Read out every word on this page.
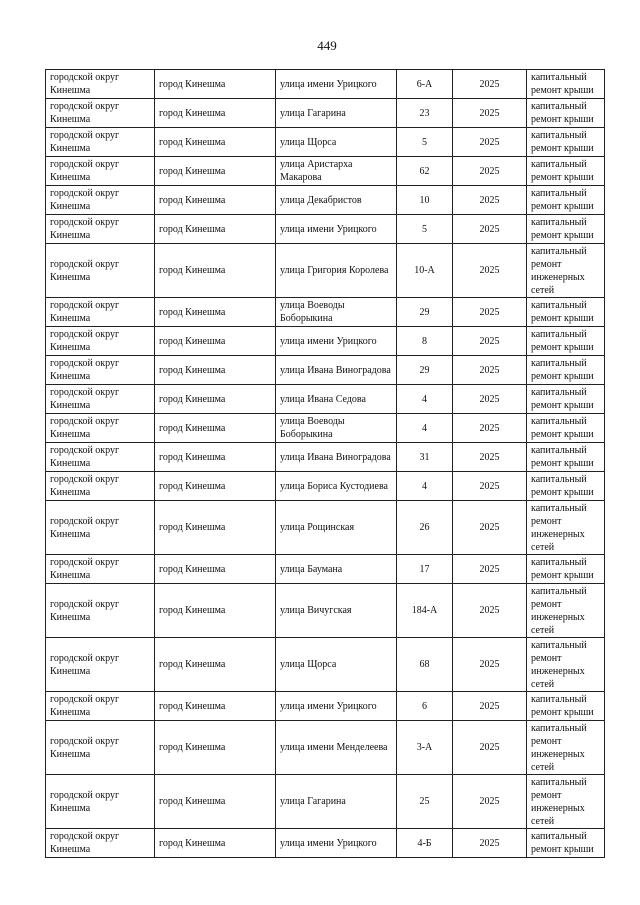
449
городской округ Кинешма	город Кинешма	улица имени Урицкого	6-А	2025	капитальный ремонт крыши
городской округ Кинешма	город Кинешма	улица Гагарина	23	2025	капитальный ремонт крыши
городской округ Кинешма	город Кинешма	улица Щорса	5	2025	капитальный ремонт крыши
городской округ Кинешма	город Кинешма	улица Аристарха Макарова	62	2025	капитальный ремонт крыши
городской округ Кинешма	город Кинешма	улица Декабристов	10	2025	капитальный ремонт крыши
городской округ Кинешма	город Кинешма	улица имени Урицкого	5	2025	капитальный ремонт крыши
городской округ Кинешма	город Кинешма	улица Григория Королева	10-А	2025	капитальный ремонт инженерных сетей
городской округ Кинешма	город Кинешма	улица Воеводы Боборыкина	29	2025	капитальный ремонт крыши
городской округ Кинешма	город Кинешма	улица имени Урицкого	8	2025	капитальный ремонт крыши
городской округ Кинешма	город Кинешма	улица Ивана Виноградова	29	2025	капитальный ремонт крыши
городской округ Кинешма	город Кинешма	улица Ивана Седова	4	2025	капитальный ремонт крыши
городской округ Кинешма	город Кинешма	улица Воеводы Боборыкина	4	2025	капитальный ремонт крыши
городской округ Кинешма	город Кинешма	улица Ивана Виноградова	31	2025	капитальный ремонт крыши
городской округ Кинешма	город Кинешма	улица Бориса Кустодиева	4	2025	капитальный ремонт крыши
городской округ Кинешма	город Кинешма	улица Рощинская	26	2025	капитальный ремонт инженерных сетей
городской округ Кинешма	город Кинешма	улица Баумана	17	2025	капитальный ремонт крыши
городской округ Кинешма	город Кинешма	улица Вичугская	184-А	2025	капитальный ремонт инженерных сетей
городской округ Кинешма	город Кинешма	улица Щорса	68	2025	капитальный ремонт инженерных сетей
городской округ Кинешма	город Кинешма	улица имени Урицкого	6	2025	капитальный ремонт крыши
городской округ Кинешма	город Кинешма	улица имени Менделеева	3-А	2025	капитальный ремонт инженерных сетей
городской округ Кинешма	город Кинешма	улица Гагарина	25	2025	капитальный ремонт инженерных сетей
городской округ Кинешма	город Кинешма	улица имени Урицкого	4-Б	2025	капитальный ремонт крыши
